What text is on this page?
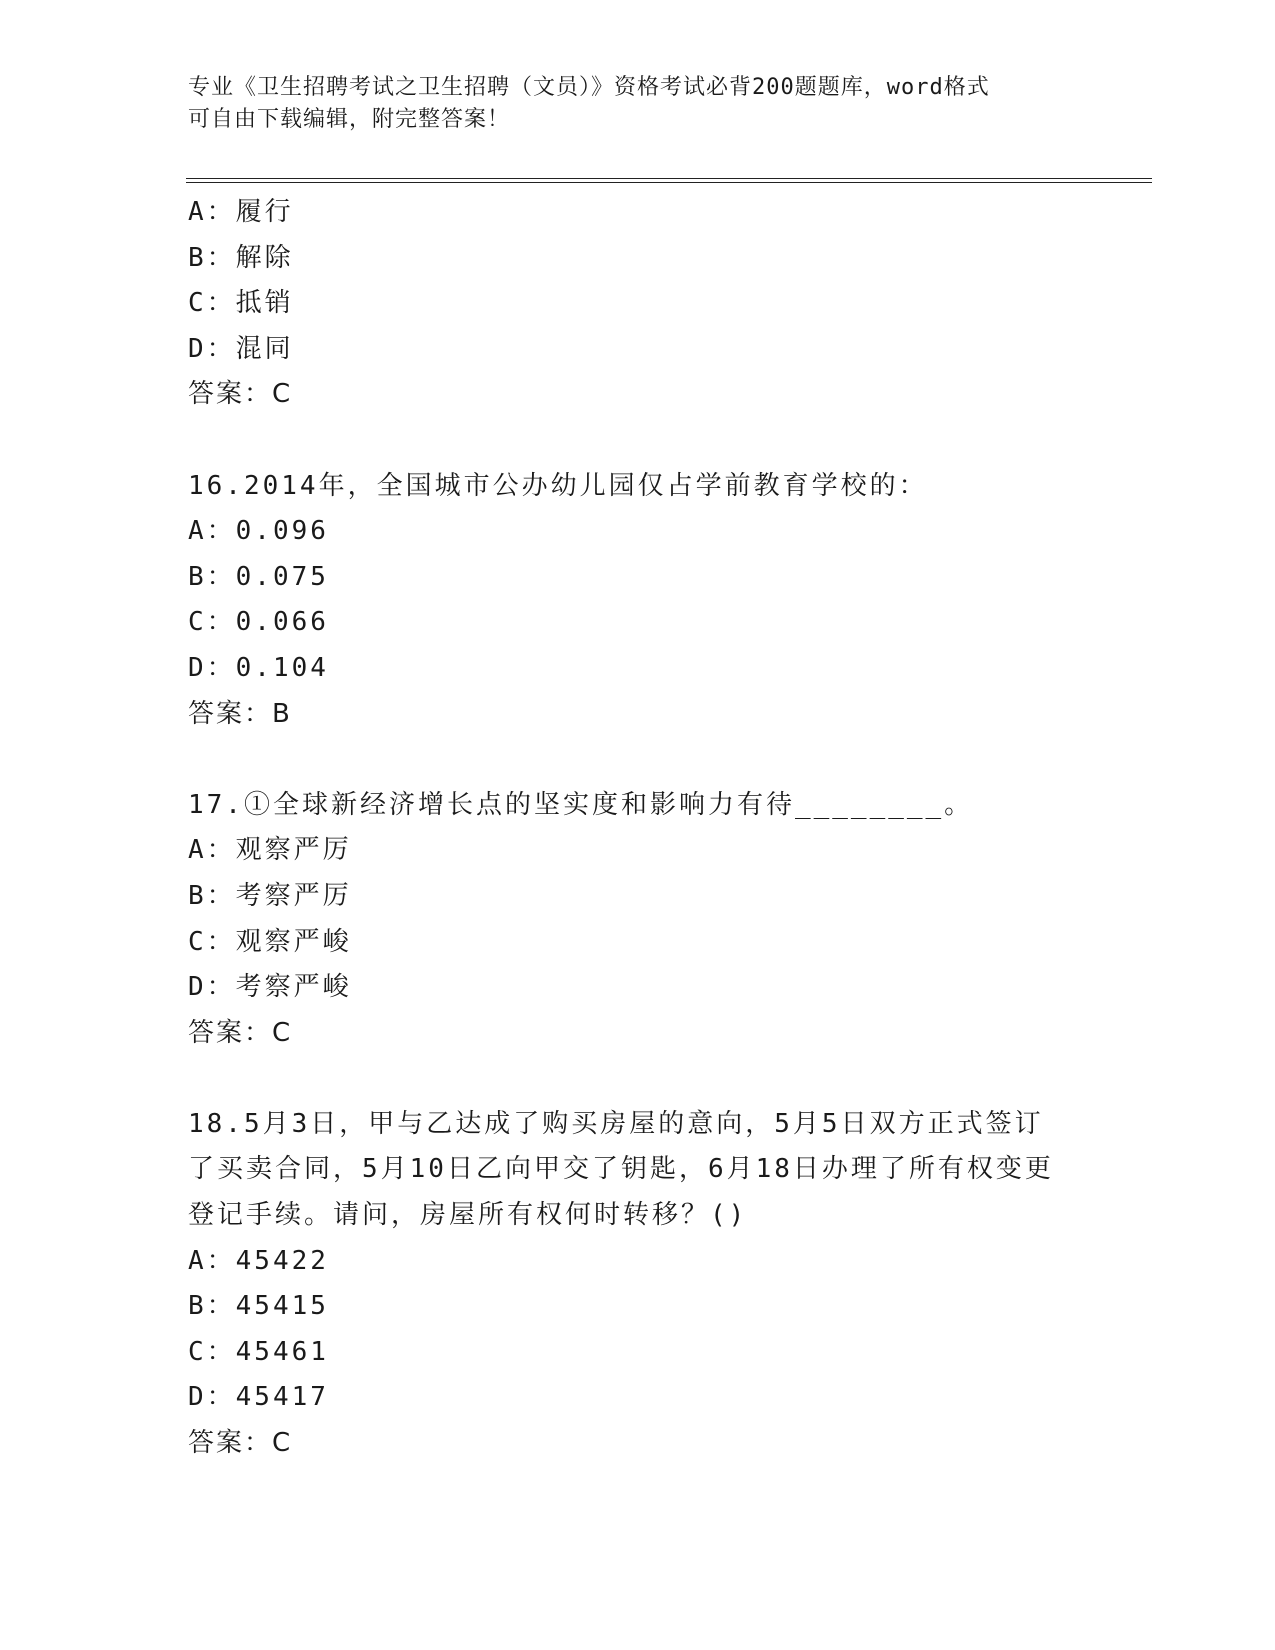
专业《卫生招聘考试之卫生招聘（文员）》资格考试必背200题题库，word格式
可自由下载编辑，附完整答案！
A：履行
B：解除
C：抵销
D：混同
答案：C
16.2014年，全国城市公办幼儿园仅占学前教育学校的：
A：0.096
B：0.075
C：0.066
D：0.104
答案：B
17.①全球新经济增长点的坚实度和影响力有待________。
A：观察严厉
B：考察严厉
C：观察严峻
D：考察严峻
答案：C
18.5月3日，甲与乙达成了购买房屋的意向，5月5日双方正式签订了买卖合同，5月10日乙向甲交了钥匙，6月18日办理了所有权变更登记手续。请问，房屋所有权何时转移？()
A：45422
B：45415
C：45461
D：45417
答案：C
